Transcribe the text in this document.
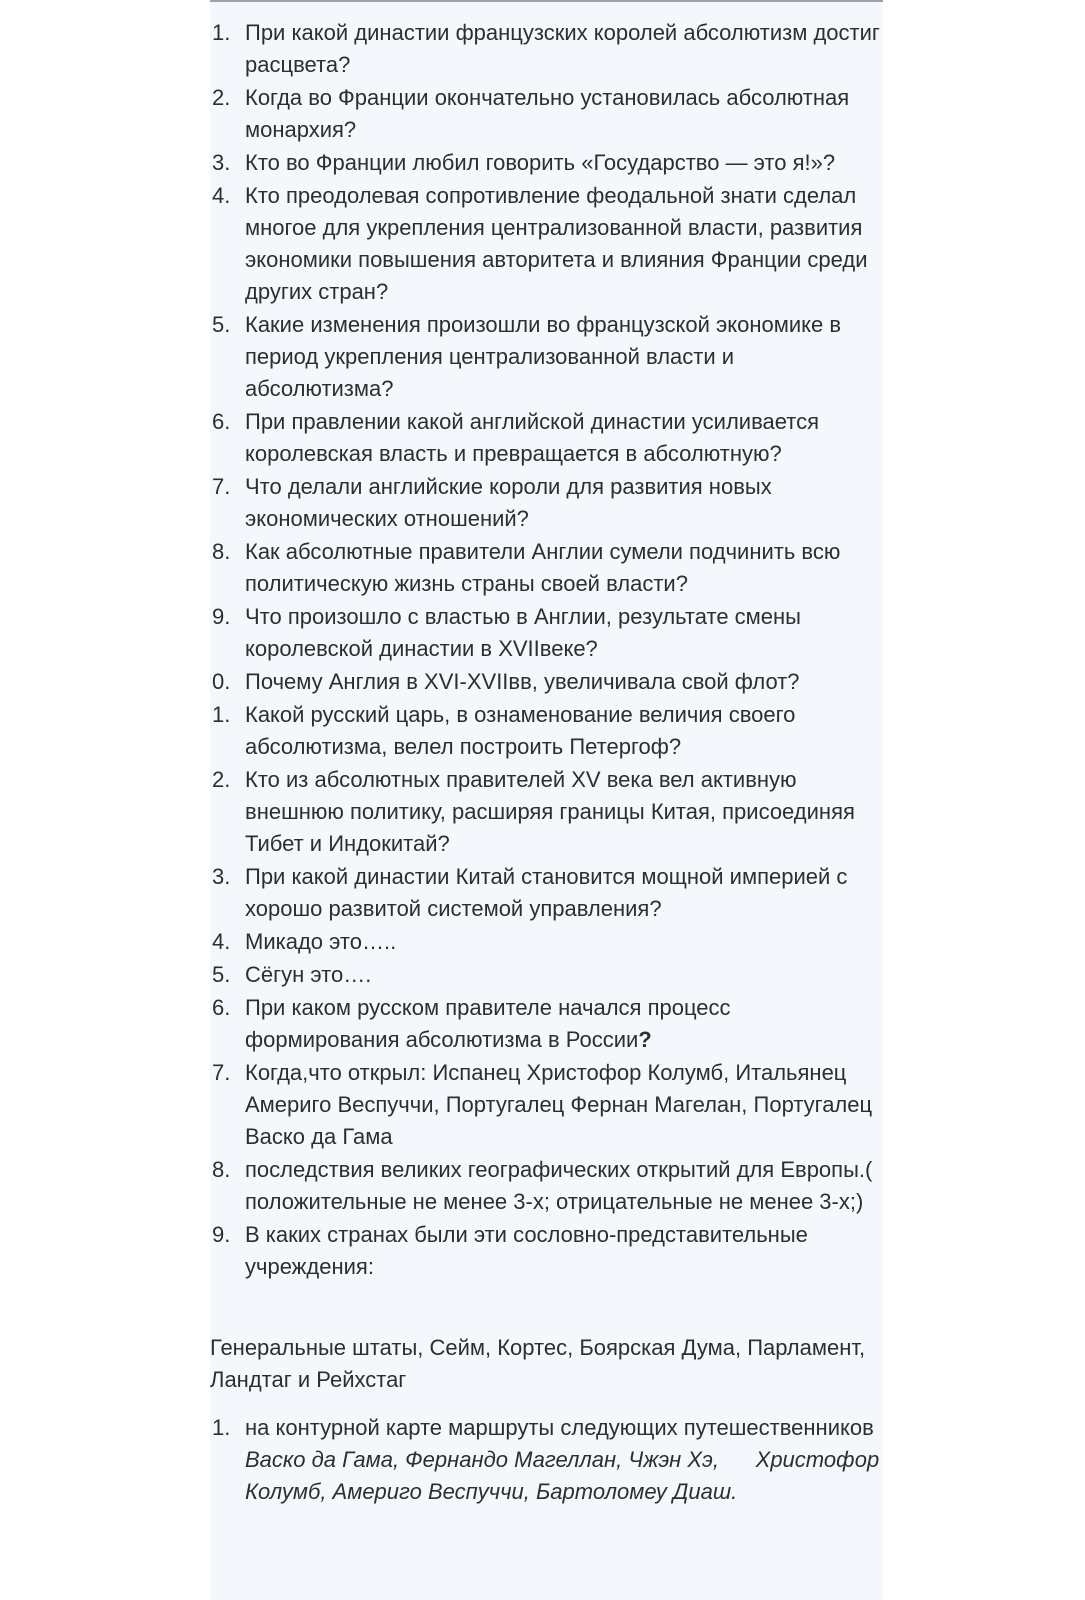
1. При какой династии французских королей абсолютизм достиг расцвета?
2. Когда во Франции окончательно установилась абсолютная монархия?
3. Кто во Франции любил говорить «Государство — это я!»?
4. Кто преодолевая сопротивление феодальной знати сделал многое для укрепления централизованной власти, развития экономики повышения авторитета и влияния Франции среди других стран?
5. Какие изменения произошли во французской экономике в период укрепления централизованной власти и абсолютизма?
6. При правлении какой английской династии усиливается королевская власть и превращается в абсолютную?
7. Что делали английские короли для развития новых экономических отношений?
8. Как абсолютные правители Англии сумели подчинить всю политическую жизнь страны своей власти?
9. Что произошло с властью в Англии, результате смены королевской династии в XVIIвеке?
0. Почему Англия в XVI-XVIIвв, увеличивала свой флот?
1. Какой русский царь, в ознаменование величия своего абсолютизма, велел построить Петергоф?
2. Кто из абсолютных правителей XV века вел активную внешнюю политику, расширяя границы Китая, присоединяя Тибет и Индокитай?
3. При какой династии Китай становится мощной империей с хорошо развитой системой управления?
4. Микадо это…..
5. Сёгун это….
6. При каком русском правителе начался процесс формирования абсолютизма в России?
7. Когда,что открыл: Испанец Христофор Колумб, Итальянец Америго Веспуччи, Португалец Фернан Магелан, Португалец Васко да Гама
8. последствия великих географических открытий для Европы.( положительные не менее 3-х; отрицательные не менее 3-х;)
9. В каких странах были эти сословно-представительные учреждения:
Генеральные штаты, Сейм, Кортес, Боярская Дума, Парламент, Ландтаг и Рейхстаг
1. на контурной карте маршруты следующих путешественников Васко да Гама, Фернандо Магеллан, Чжэн Хэ,      Христофор Колумб, Америго Веспуччи, Бартоломеу Диаш.
